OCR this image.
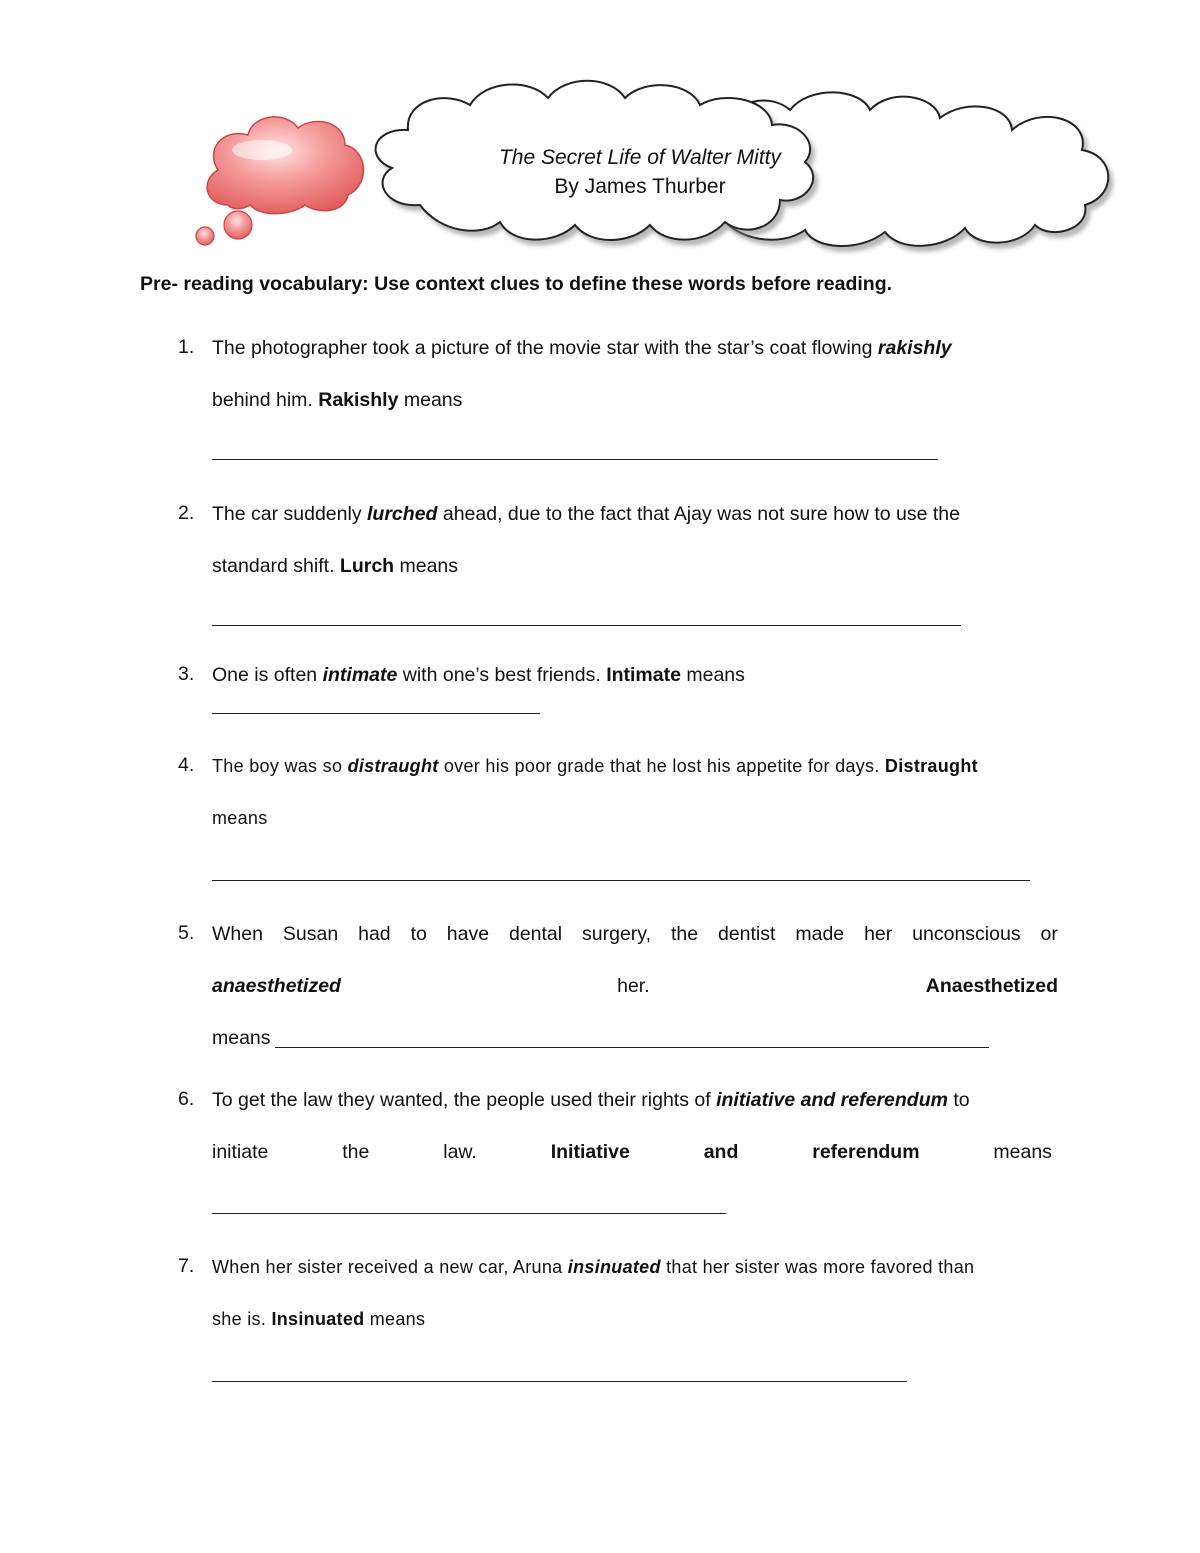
The Secret Life of Walter Mitty
By James Thurber
Pre- reading vocabulary: Use context clues to define these words before reading.
1. The photographer took a picture of the movie star with the star’s coat flowing rakishly
behind him. Rakishly means
2. The car suddenly lurched ahead, due to the fact that Ajay was not sure how to use the
standard shift. Lurch means
3. One is often intimate with one’s best friends. Intimate means
4. The boy was so distraught over his poor grade that he lost his appetite for days. Distraught
means
5. When Susan had to have dental surgery, the dentist made her unconscious or
anaesthetized	her.	Anaesthetized
means
6. To get the law they wanted, the people used their rights of initiative and referendum to
initiate	the	law.	Initiative	and	referendum	means
7. When her sister received a new car, Aruna insinuated that her sister was more favored than
she is. Insinuated means
